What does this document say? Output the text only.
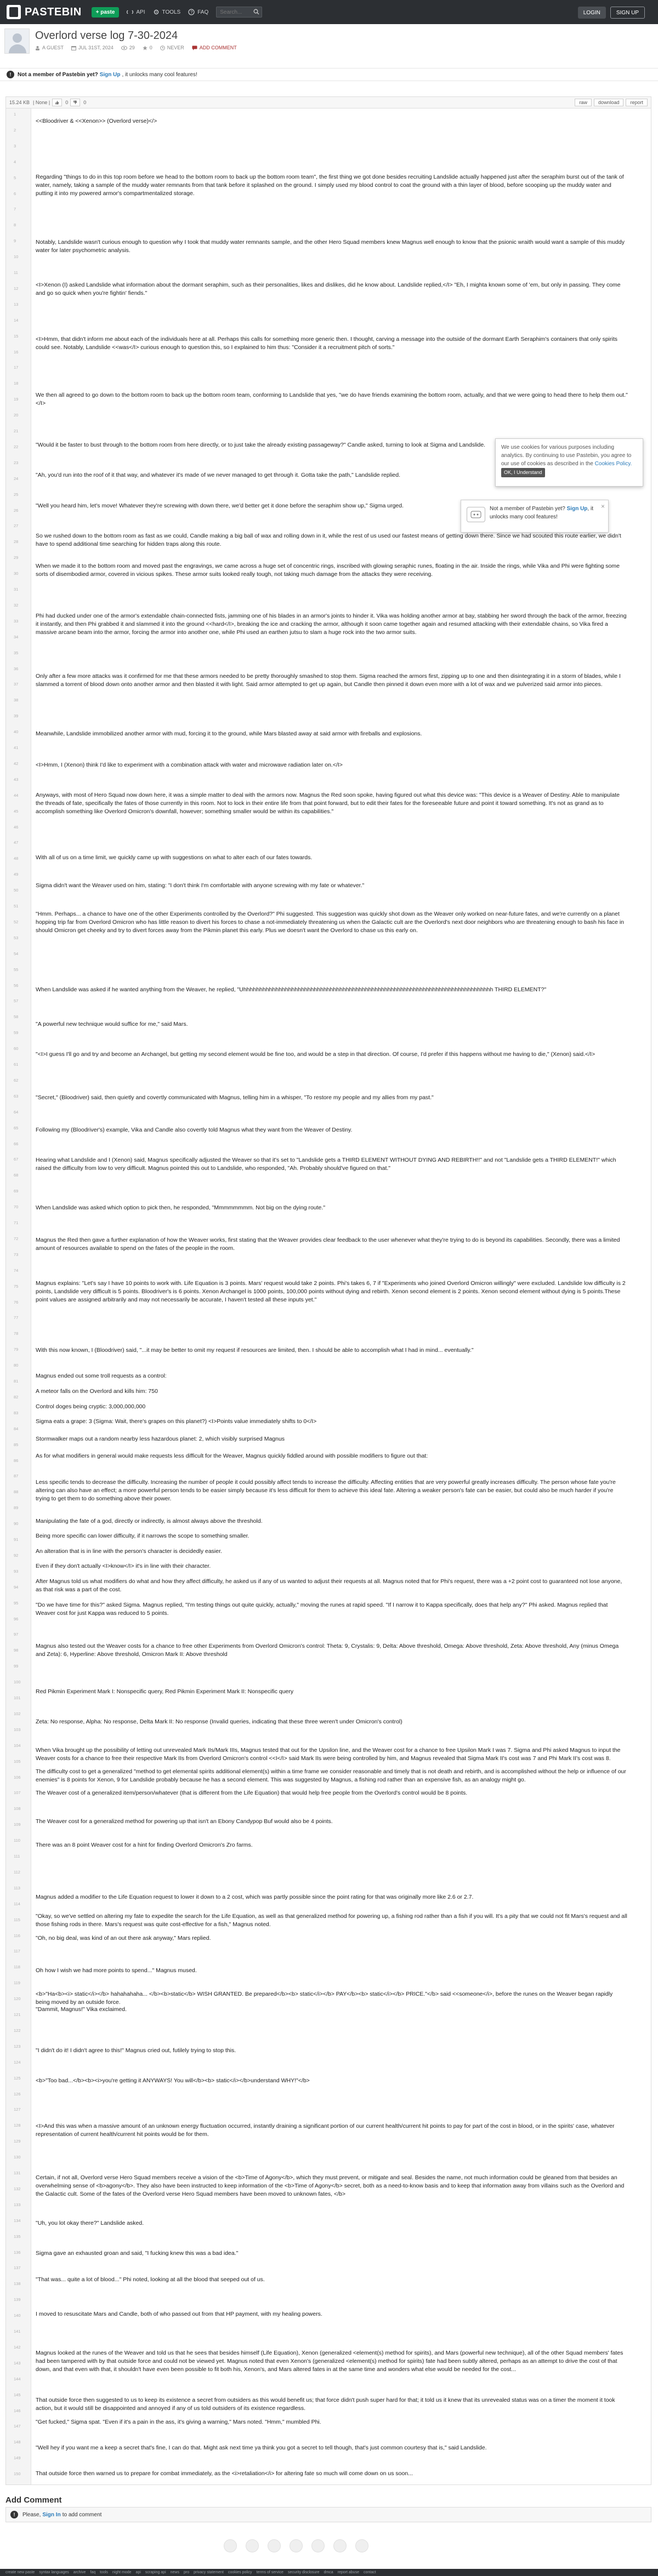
PASTEBIN	+ paste	API	TOOLS ? FAQ
Search...	LOGIN	SIGN UP
Overlord verse log 7-30-2024
A GUEST	JUL 31ST, 2024	29	0	NEVER	ADD COMMENT
!	Not a member of Pastebin yet? Sign Up , it unlocks many cool features!
15.24 KB | None |	0	0	raw	download	report
<<Bloodriver & <<Xenon>> (Overlord verse)</>
Regarding "things to do in this top room before we head to the bottom room to back up the bottom room team", the first thing we got done besides recruiting Landslide actually happened just after the seraphim burst out of the tank of water, namely, taking a sample of the muddy water remnants from that tank before it splashed on the ground. I simply used my blood control to coat the ground with a thin layer of blood, before scooping up the muddy water and putting it into my powered armor's compartmentalized storage.
Notably, Landslide wasn't curious enough to question why I took that muddy water remnants sample, and the other Hero Squad members knew Magnus well enough to know that the psionic wraith would want a sample of this muddy water for later psychometric analysis.
<I>Xenon (I) asked Landslide what information about the dormant seraphim, such as their personalities, likes and dislikes, did he know about. Landslide replied,</I> "Eh, I mighta known some of 'em, but only in passing. They come and go so quick when you're fightin' fiends."
<I>Hmm, that didn't inform me about each of the individuals here at all. Perhaps this calls for something more generic then. I thought, carving a message into the outside of the dormant Earth Seraphim's containers that only spirits could see. Notably, Landslide <<was</I> curious enough to question this, so I explained to him thus: "Consider it a recruitment pitch of sorts."
We then all agreed to go down to the bottom room to back up the bottom room team, conforming to Landslide that yes, "we do have friends examining the bottom room, actually, and that we were going to head there to help them out."</I>
"Would it be faster to bust through to the bottom room from here directly, or to just take the already existing passageway?" Candle asked, turning to look at Sigma and Landslide.
"Ah, you'd run into the roof of it that way, and whatever it's made of we never managed to get through it. Gotta take the path," Landslide replied.
"Well you heard him, let's move! Whatever they're screwing with down there, we'd better get it done before the seraphim show up," Sigma urged.
So we rushed down to the bottom room as fast as we could, Candle making a big ball of wax and rolling down in it, while the rest of us used our fastest means of getting down there. Since we had scouted this route earlier, we didn't have to spend additional time searching for hidden traps along this route.
When we made it to the bottom room and moved past the engravings, we came across a huge set of concentric rings, inscribed with glowing seraphic runes, floating in the air. Inside the rings, while Vika and Phi were fighting some sorts of disembodied armor, covered in vicious spikes. These armor suits looked really tough, not taking much damage from the attacks they were receiving.
Phi had ducked under one of the armor's extendable chain-connected fists, jamming one of his blades in an armor's joints to hinder it. Vika was holding another armor at bay, stabbing her sword through the back of the armor, freezing it instantly, and then Phi grabbed it and slammed it into the ground <<hard</I>, breaking the ice and cracking the armor, although it soon came together again and resumed attacking with their extendable chains, so Vika fired a massive arcane beam into the armor, forcing the armor into another one, while Phi used an earthen jutsu to slam a huge rock into the two armor suits.
Only after a few more attacks was it confirmed for me that these armors needed to be pretty thoroughly smashed to stop them. Sigma reached the armors first, zipping up to one and then disintegrating it in a storm of blades, while I slammed a torrent of blood down onto another armor and then blasted it with light. Said armor attempted to get up again, but Candle then pinned it down even more with a lot of wax and we pulverized said armor into pieces.
Meanwhile, Landslide immobilized another armor with mud, forcing it to the ground, while Mars blasted away at said armor with fireballs and explosions.
<I>Hmm, I (Xenon) think I'd like to experiment with a combination attack with water and microwave radiation later on.</I>
Anyways, with most of Hero Squad now down here, it was a simple matter to deal with the armors now. Magnus the Red soon spoke, having figured out what this device was: "This device is a Weaver of Destiny. Able to manipulate the threads of fate, specifically the fates of those currently in this room. Not to lock in their entire life from that point forward, but to edit their fates for the foreseeable future and point it toward something. It's not as grand as to accomplish something like Overlord Omicron's downfall, however; something smaller would be within its capabilities."
With all of us on a time limit, we quickly came up with suggestions on what to alter each of our fates towards.
Sigma didn't want the Weaver used on him, stating: "I don't think I'm comfortable with anyone screwing with my fate or whatever."
"Hmm. Perhaps... a chance to have one of the other Experiments controlled by the Overlord?" Phi suggested. This suggestion was quickly shot down as the Weaver only worked on near-future fates, and we're currently on a planet hopping trip far from Overlord Omicron who has little reason to divert his forces to chase a not-immediately threatening us when the Galactic cult are the Overlord's next door neighbors who are threatening enough to bash his face in should Omicron get cheeky and try to divert forces away from the Pikmin planet this early. Plus we doesn't want the Overlord to chase us this early on.
When Landslide was asked if he wanted anything from the Weaver, he replied, "Uhhhhhhhhhhhhhhhhhhhhhhhhhhhhhhhhhhhhhhhhhhhhhhhhhhhhhhhhhhhhhhhhhhhhhhhhhhhhhh THIRD ELEMENT?"
"A powerful new technique would suffice for me," said Mars.
"<I>I guess I'll go and try and become an Archangel, but getting my second element would be fine too, and would be a step in that direction. Of course, I'd prefer if this happens without me having to die," (Xenon) said.</I>
"Secret," (Bloodriver) said, then quietly and covertly communicated with Magnus, telling him in a whisper, "To restore my people and my allies from my past."
Following my (Bloodriver's) example, Vika and Candle also covertly told Magnus what they want from the Weaver of Destiny.
Hearing what Landslide and I (Xenon) said, Magnus specifically adjusted the Weaver so that it's set to "Landslide gets a THIRD ELEMENT WITHOUT DYING AND REBIRTH!!" and not "Landslide gets a THIRD ELEMENT!" which raised the difficulty from low to very difficult. Magnus pointed this out to Landslide, who responded, "Ah. Probably should've figured on that."
When Landslide was asked which option to pick then, he responded, "Mmmmmmmm. Not big on the dying route."
Magnus the Red then gave a further explanation of how the Weaver works, first stating that the Weaver provides clear feedback to the user whenever what they're trying to do is beyond its capabilities. Secondly, there was a limited amount of resources available to spend on the fates of the people in the room.
Magnus explains: "Let's say I have 10 points to work with. Life Equation is 3 points. Mars' request would take 2 points. Phi's takes 6, 7 if "Experiments who joined Overlord Omicron willingly" were excluded. Landslide low difficulty is 2 points, Landslide very difficult is 5 points. Bloodriver's is 6 points. Xenon Archangel is 1000 points, 100,000 points without dying and rebirth. Xenon second element is 2 points. Xenon second element without dying is 5 points.These point values are assigned arbitrarily and may not necessarily be accurate, I haven't tested all these inputs yet."
With this now known, I (Bloodriver) said, "...it may be better to omit my request if resources are limited, then. I should be able to accomplish what I had in mind... eventually."
Magnus ended out some troll requests as a control:
A meteor falls on the Overlord and kills him: 750
Control doges being cryptic: 3,000,000,000
Sigma eats a grape: 3 (Sigma: Wait, there's grapes on this planet?) <I>Points value immediately shifts to 0</I>
Stormwalker maps out a random nearby less hazardous planet: 2, which visibly surprised Magnus
As for what modifiers in general would make requests less difficult for the Weaver, Magnus quickly fiddled around with possible modifiers to figure out that:
Less specific tends to decrease the difficulty. Increasing the number of people it could possibly affect tends to increase the difficulty. Affecting entities that are very powerful greatly increases difficulty. The person whose fate you're altering can also have an effect; a more powerful person tends to be easier simply because it's less difficult for them to achieve this ideal fate. Altering a weaker person's fate can be easier, but could also be much harder if you're trying to get them to do something above their power.
Manipulating the fate of a god, directly or indirectly, is almost always above the threshold.
Being more specific can lower difficulty, if it narrows the scope to something smaller.
An alteration that is in line with the person's character is decidedly easier.
Even if they don't actually <I>know</I> it's in line with their character.
After Magnus told us what modifiers do what and how they affect difficulty, he asked us if any of us wanted to adjust their requests at all. Magnus noted that for Phi's request, there was a +2 point cost to guaranteed not lose anyone, as that risk was a part of the cost.
"Do we have time for this?" asked Sigma. Magnus replied, "I'm testing things out quite quickly, actually," moving the runes at rapid speed. "If I narrow it to Kappa specifically, does that help any?" Phi asked. Magnus replied that Weaver cost for just Kappa was reduced to 5 points.
Magnus also tested out the Weaver costs for a chance to free other Experiments from Overlord Omicron's control: Theta: 9, Crystalis: 9, Delta: Above threshold, Omega: Above threshold, Zeta: Above threshold, Any (minus Omega and Zeta): 6, Hyperline: Above threshold, Omicron Mark II: Above threshold
Red Pikmin Experiment Mark I: Nonspecific query, Red Pikmin Experiment Mark II: Nonspecific query
Zeta: No response, Alpha: No response, Delta Mark II: No response (Invalid queries, indicating that these three weren't under Omicron's control)
When Vika brought up the possibility of letting out unrevealed Mark IIs/Mark IIIs, Magnus tested that out for the Upsilon line, and the Weaver cost for a chance to free Upsilon Mark I was 7. Sigma and Phi asked Magnus to input the Weaver costs for a chance to free their respective Mark IIs from Overlord Omicron's control <<I</I> said Mark IIs were being controlled by him, and Magnus revealed that Sigma Mark II's cost was 7 and Phi Mark II's cost was 8.
The difficulty cost to get a generalized "method to get elemental spirits additional element(s) within a time frame we consider reasonable and timely that is not death and rebirth, and is accomplished without the help or influence of our enemies" is 8 points for Xenon, 9 for Landslide probably because he has a second element. This was suggested by Magnus, a fishing rod rather than an expensive fish, as an analogy might go.
The Weaver cost of a generalized item/person/whatever (that is different from the Life Equation) that would help free people from the Overlord's control would be 8 points.
The Weaver cost for a generalized method for powering up that isn't an Ebony Candypop Buf would also be 4 points.
There was an 8 point Weaver cost for a hint for finding Overlord Omicron's Zro farms.
Magnus added a modifier to the Life Equation request to lower it down to a 2 cost, which was partly possible since the point rating for that was originally more like 2.6 or 2.7.
"Okay, so we've settled on altering my fate to expedite the search for the Life Equation, as well as that generalized method for powering up, a fishing rod rather than a fish if you will. It's a pity that we could not fit Mars's request and all those fishing rods in there. Mars's request was quite cost-effective for a fish," Magnus noted.
"Oh, no big deal, was kind of an out there ask anyway," Mars replied.
Oh how I wish we had more points to spend..." Magnus mused.
<b>"Ha<b><i> static</i></b> hahahahaha... </b><b>static</b> WISH GRANTED. Be prepared</b><b> static</i></b> PAY</b><b> static</i></b> PRICE."</b> said <<someone</i>, before the runes on the Weaver began rapidly being moved by an outside force.
"Dammit, Magnus!" Vika exclaimed.
"I didn't do it! I didn't agree to this!" Magnus cried out, futilely trying to stop this.
<b>"Too bad...</b><b><i>you're getting it ANYWAYS! You will</b><b> static</i></b>understand WHY!"</b>
<I>And this was when a massive amount of an unknown energy fluctuation occurred, instantly draining a significant portion of our current health/current hit points to pay for part of the cost in blood, or in the spirits' case, whatever representation of current health/current hit points would be for them.
Certain, if not all, Overlord verse Hero Squad members receive a vision of the <b>Time of Agony</b>, which they must prevent, or mitigate and seal. Besides the name, not much information could be gleaned from that besides an overwhelming sense of <b>agony</b>. They also have been instructed to keep information of the <b>Time of Agony</b> secret, both as a need-to-know basis and to keep that information away from villains such as the Overlord and the Galactic cult. Some of the fates of the Overlord verse Hero Squad members have been moved to unknown fates, </b>
"Uh, you lot okay there?" Landslide asked.
Sigma gave an exhausted groan and said, "I fucking knew this was a bad idea."
"That was... quite a lot of blood..." Phi noted, looking at all the blood that seeped out of us.
I moved to resuscitate Mars and Candle, both of who passed out from that HP payment, with my healing powers.
Magnus looked at the runes of the Weaver and told us that he sees that besides himself (Life Equation), Xenon (generalized <element(s) method for spirits), and Mars (powerful new technique), all of the other Squad members' fates had been tampered with by that outside force and could not be viewed yet. Magnus noted that even Xenon's (generalized <element(s) method for spirits) fate had been subtly altered, perhaps as an attempt to drive the cost of that down, and that even with that, it shouldn't have even been possible to fit both his, Xenon's, and Mars altered fates in at the same time and wonders what else would be needed for the cost...
That outside force then suggested to us to keep its existence a secret from outsiders as this would benefit us; that force didn't push super hard for that; it told us it knew that its unrevealed status was on a timer the moment it took action, but it would still be disappointed and annoyed if any of us told outsiders of its existence regardless.
"Get fucked," Sigma spat. "Even if it's a pain in the ass, it's giving a warning," Mars noted. "Hmm," mumbled Phi.
"Well hey if you want me a keep a secret that's fine, I can do that. Might ask next time ya think you got a secret to tell though, that's just common courtesy that is," said Landslide.
That outside force then warned us to prepare for combat immediately, as the <i>retaliation</i> for altering fate so much will come down on us soon...
1
2
3
4
5
6
7
8
9
10
11
12
13
14
15
16
17
18
19
20
21
22
23
24
25
26
27
28
29
30
31
32
33
34
35
36
37
38
39
40
41
42
43
44
45
46
47
48
49
50
51
52
53
54
55
56
57
58
59
60
61
62
63
64
65
66
67
68
69
70
71
72
73
74
75
76
77
78
79
80
81
82
83
84
85
86
87
88
89
90
91
92
93
94
95
96
97
98
99
100
101
102
103
104
105
106
107
108
109
110
111
112
113
114
115
116
117
118
119
120
121
122
123
124
125
126
127
128
129
130
131
132
133
134
135
136
137
138
139
140
141
142
143
144
145
146
147
148
149
150
We use cookies for various purposes including analytics. By continuing to use Pastebin, you agree to our use of cookies as described in the Cookies Policy. OK, I Understand
×
Not a member of Pastebin yet? Sign Up, it unlocks many cool features!
Add Comment
!	Please, Sign In to add comment
create new paste syntax languages archive faq tools night mode api scraping api news pro privacy statement cookies policy terms of service security disclosure dmca report abuse contact
